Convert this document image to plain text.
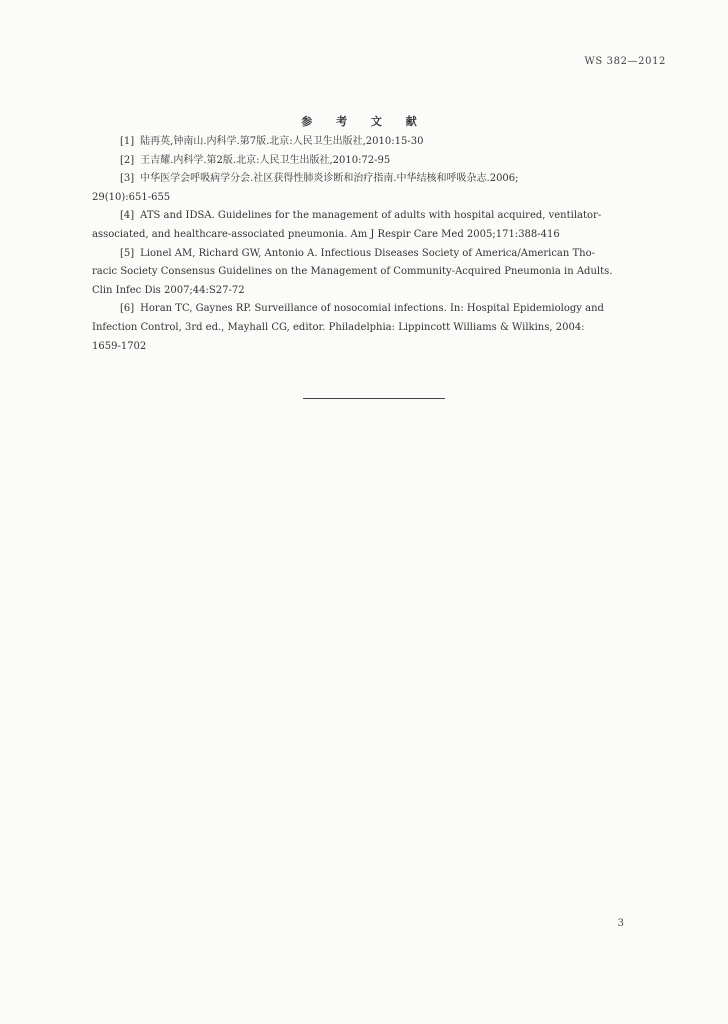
WS 382—2012
参 考 文 献
[1] 陆再英,钟南山.内科学.第7版.北京:人民卫生出版社,2010:15-30
[2] 王吉耀.内科学.第2版.北京:人民卫生出版社,2010:72-95
[3] 中华医学会呼吸病学分会.社区获得性肺炎诊断和治疗指南.中华结核和呼吸杂志.2006;
29(10):651-655
[4] ATS and IDSA. Guidelines for the management of adults with hospital acquired, ventilator-
associated, and healthcare-associated pneumonia. Am J Respir Care Med 2005;171:388-416
[5] Lionel AM, Richard GW, Antonio A. Infectious Diseases Society of America/American Tho-
racic Society Consensus Guidelines on the Management of Community-Acquired Pneumonia in Adults.
Clin Infec Dis 2007;44:S27-72
[6] Horan TC, Gaynes RP. Surveillance of nosocomial infections. In: Hospital Epidemiology and
Infection Control, 3rd ed., Mayhall CG, editor. Philadelphia: Lippincott Williams & Wilkins, 2004:
1659-1702
3
